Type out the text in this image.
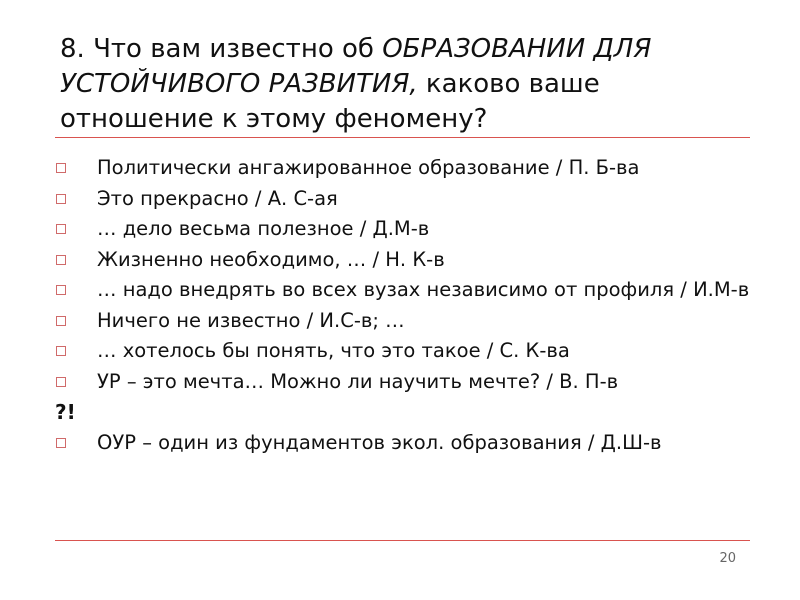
8. Что вам известно об ОБРАЗОВАНИИ ДЛЯ УСТОЙЧИВОГО РАЗВИТИЯ, каково ваше отношение к этому феномену?
Политически ангажированное образование / П. Б-ва
Это прекрасно / А. С-ая
… дело весьма полезное / Д.М-в
Жизненно необходимо, … / Н. К-в
… надо внедрять во всех вузах независимо от профиля / И.М-в
Ничего не известно / И.С-в; …
… хотелось бы понять, что это такое / С. К-ва
УР – это мечта… Можно ли научить мечте? / В. П-в
?!
ОУР – один из фундаментов экол. образования / Д.Ш-в
20
